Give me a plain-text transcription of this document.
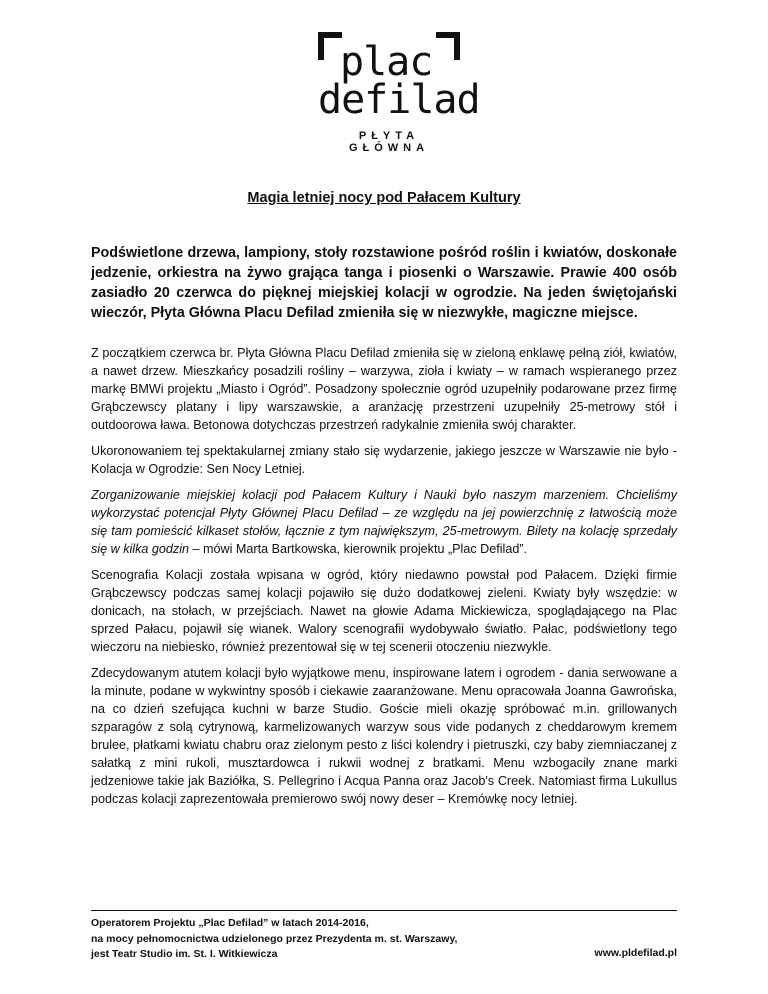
plac
defilad
PŁYTA GŁÓWNA
Magia letniej nocy pod Pałacem Kultury

Podświetlone drzewa, lampiony, stoły rozstawione pośród roślin i kwiatów, doskonałe jedzenie, orkiestra na żywo grająca tanga i piosenki o Warszawie. Prawie 400 osób zasiadło 20 czerwca do pięknej miejskiej kolacji w ogrodzie. Na jeden świętojański wieczór, Płyta Główna Placu Defilad zmieniła się w niezwykłe, magiczne miejsce.

Z początkiem czerwca br. Płyta Główna Placu Defilad zmieniła się w zieloną enklawę pełną ziół, kwiatów, a nawet drzew. Mieszkańcy posadzili rośliny – warzywa, zioła i kwiaty – w ramach wspieranego przez markę BMWi projektu „Miasto i Ogród”. Posadzony społecznie ogród uzupełniły podarowane przez firmę Grąbczewscy platany i lipy warszawskie, a aranżację przestrzeni uzupełniły 25-metrowy stół i outdoorowa ława. Betonowa dotychczas przestrzeń radykalnie zmieniła swój charakter.

Ukoronowaniem tej spektakularnej zmiany stało się wydarzenie, jakiego jeszcze w Warszawie nie było - Kolacja w Ogrodzie: Sen Nocy Letniej.

Zorganizowanie miejskiej kolacji pod Pałacem Kultury i Nauki było naszym marzeniem. Chcieliśmy wykorzystać potencjał Płyty Głównej Placu Defilad – ze względu na jej powierzchnię z łatwością może się tam pomieścić kilkaset stołów, łącznie z tym największym, 25-metrowym. Bilety na kolację sprzedały się w kilka godzin – mówi Marta Bartkowska, kierownik projektu „Plac Defilad”.

Scenografia Kolacji została wpisana w ogród, który niedawno powstał pod Pałacem. Dzięki firmie Grąbczewscy podczas samej kolacji pojawiło się dużo dodatkowej zieleni. Kwiaty były wszędzie: w donicach, na stołach, w przejściach. Nawet na głowie Adama Mickiewicza, spoglądającego na Plac sprzed Pałacu, pojawił się wianek. Walory scenografii wydobywało światło. Pałac, podświetlony tego wieczoru na niebiesko, również prezentował się w tej scenerii otoczeniu niezwykle.

Zdecydowanym atutem kolacji było wyjątkowe menu, inspirowane latem i ogrodem - dania serwowane a la minute, podane w wykwintny sposób i ciekawie zaaranżowane. Menu opracowała Joanna Gawrońska, na co dzień szefująca kuchni w barze Studio. Goście mieli okazję spróbować m.in. grillowanych szparagów z solą cytrynową, karmelizowanych warzyw sous vide podanych z cheddarowym kremem brulee, płatkami kwiatu chabru oraz zielonym pesto z liści kolendry i pietruszki, czy baby ziemniaczanej z sałatką z mini rukoli, musztardowca i rukwii wodnej z bratkami. Menu wzbogaciły znane marki jedzeniowe takie jak Baziółka, S. Pellegrino i Acqua Panna oraz Jacob's Creek. Natomiast firma Lukullus podczas kolacji zaprezentowała premierowo swój nowy deser – Kremówkę nocy letniej.

Operatorem Projektu „Plac Defilad” w latach 2014-2016,
na mocy pełnomocnictwa udzielonego przez Prezydenta m. st. Warszawy,
jest Teatr Studio im. St. I. Witkiewicza	www.pldefilad.pl
